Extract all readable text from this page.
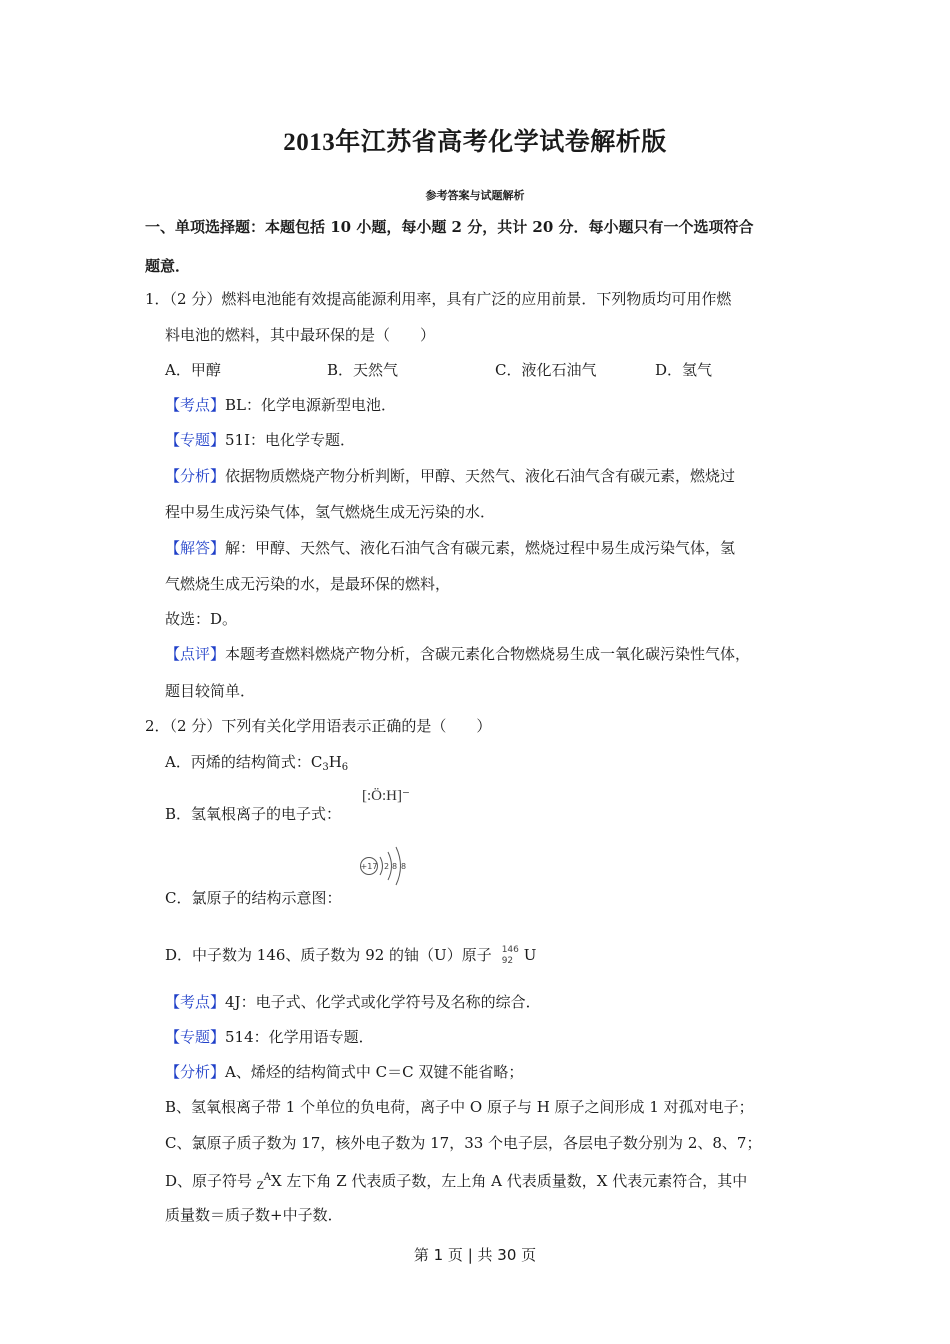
2013年江苏省高考化学试卷解析版
参考答案与试题解析
一、单项选择题：本题包括 10 小题，每小题 2 分，共计 20 分．每小题只有一个选项符合
题意．
1．（2 分）燃料电池能有效提高能源利用率，具有广泛的应用前景．下列物质均可用作燃
料电池的燃料，其中最环保的是（　　）
A．甲醇	B．天然气	C．液化石油气	D．氢气
【考点】BL：化学电源新型电池．
【专题】51I：电化学专题．
【分析】依据物质燃烧产物分析判断，甲醇、天然气、液化石油气含有碳元素，燃烧过
程中易生成污染气体，氢气燃烧生成无污染的水．
【解答】解：甲醇、天然气、液化石油气含有碳元素，燃烧过程中易生成污染气体，氢
气燃烧生成无污染的水，是最环保的燃料，
故选：D。
【点评】本题考查燃料燃烧产物分析，含碳元素化合物燃烧易生成一氧化碳污染性气体，
题目较简单．
2．（2 分）下列有关化学用语表示正确的是（　　）
A．丙烯的结构简式：$C_3H_6$
[:Ö:H]⁻
B．氢氧根离子的电子式：
+17 2 8 8
C．氯原子的结构示意图：
D．中子数为 146、质子数为 92 的铀（U）原子 146
92 U
【考点】4J：电子式、化学式或化学符号及名称的综合．
【专题】514：化学用语专题．
【分析】A、烯烃的结构简式中 C＝C 双键不能省略；
B、氢氧根离子带 1 个单位的负电荷，离子中 O 原子与 H 原子之间形成 1 对孤对电子；
C、氯原子质子数为 17，核外电子数为 17，33 个电子层，各层电子数分别为 2、8、7；
D、原子符号 $_Z^A$X 左下角 Z 代表质子数，左上角 A 代表质量数，X 代表元素符合，其中
质量数＝质子数+中子数．
第 1 页 | 共 30 页
